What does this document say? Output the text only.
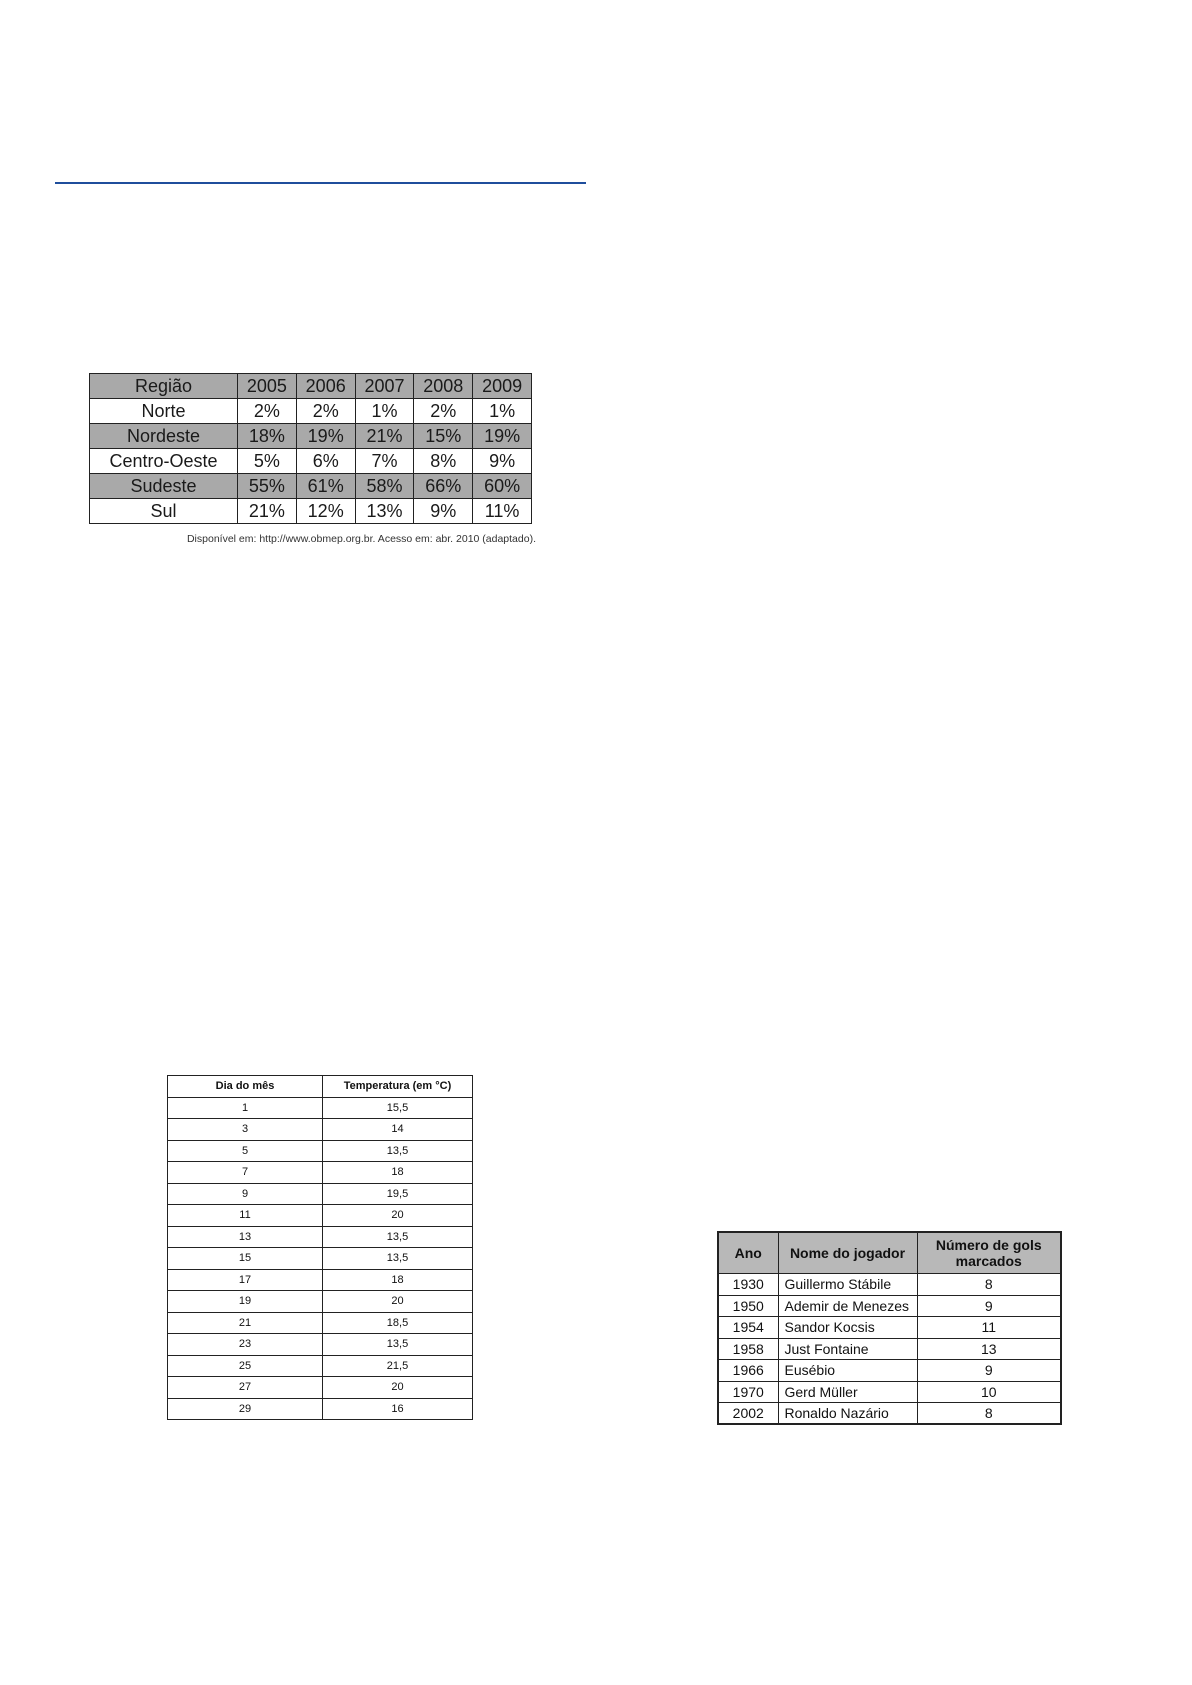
Região	2005	2006	2007	2008	2009
Norte	2%	2%	1%	2%	1%
Nordeste	18%	19%	21%	15%	19%
Centro-Oeste	5%	6%	7%	8%	9%
Sudeste	55%	61%	58%	66%	60%
Sul	21%	12%	13%	9%	11%
Disponível em: http://www.obmep.org.br. Acesso em: abr. 2010 (adaptado).
Dia do mês	Temperatura (em °C)
1	15,5
3	14
5	13,5
7	18
9	19,5
11	20
13	13,5
15	13,5
17	18
19	20
21	18,5
23	13,5
25	21,5
27	20
29	16
Ano	Nome do jogador	Número de gols marcados
1930	Guillermo Stábile	8
1950	Ademir de Menezes	9
1954	Sandor Kocsis	11
1958	Just Fontaine	13
1966	Eusébio	9
1970	Gerd Müller	10
2002	Ronaldo Nazário	8
